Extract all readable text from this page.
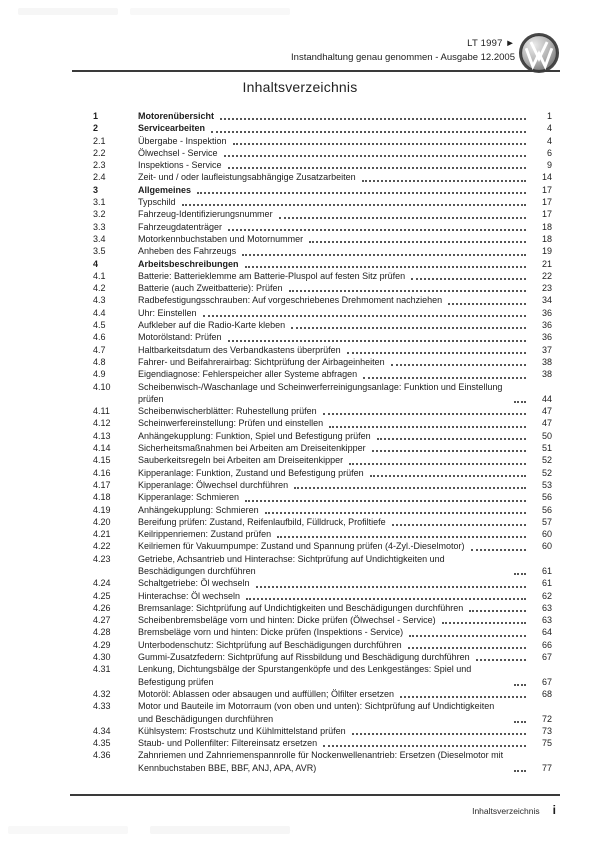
LT 1997 ►
Instandhaltung genau genommen - Ausgabe 12.2005
Inhaltsverzeichnis
1	Motorenübersicht	1
2	Servicearbeiten	4
2.1	Übergabe - Inspektion	4
2.2	Ölwechsel - Service	6
2.3	Inspektions - Service	9
2.4	Zeit- und / oder laufleistungsabhängige Zusatzarbeiten	14
3	Allgemeines	17
3.1	Typschild	17
3.2	Fahrzeug-Identifizierungsnummer	17
3.3	Fahrzeugdatenträger	18
3.4	Motorkennbuchstaben und Motornummer	18
3.5	Anheben des Fahrzeugs	19
4	Arbeitsbeschreibungen	21
4.1	Batterie: Batterieklemme am Batterie-Pluspol auf festen Sitz prüfen	22
4.2	Batterie (auch Zweitbatterie): Prüfen	23
4.3	Radbefestigungsschrauben: Auf vorgeschriebenes Drehmoment nachziehen	34
4.4	Uhr: Einstellen	36
4.5	Aufkleber auf die Radio-Karte kleben	36
4.6	Motorölstand: Prüfen	36
4.7	Haltbarkeitsdatum des Verbandkastens überprüfen	37
4.8	Fahrer- und Beifahrerairbag: Sichtprüfung der Airbageinheiten	38
4.9	Eigendiagnose: Fehlerspeicher aller Systeme abfragen	38
4.10	Scheibenwisch-/Waschanlage und Scheinwerferreinigungsanlage: Funktion und Einstellung prüfen	44
4.11	Scheibenwischerblätter: Ruhestellung prüfen	47
4.12	Scheinwerfereinstellung: Prüfen und einstellen	47
4.13	Anhängekupplung: Funktion, Spiel und Befestigung prüfen	50
4.14	Sicherheitsmaßnahmen bei Arbeiten am Dreiseitenkipper	51
4.15	Sauberkeitsregeln bei Arbeiten am Dreiseitenkipper	52
4.16	Kipperanlage: Funktion, Zustand und Befestigung prüfen	52
4.17	Kipperanlage: Ölwechsel durchführen	53
4.18	Kipperanlage: Schmieren	56
4.19	Anhängekupplung: Schmieren	56
4.20	Bereifung prüfen: Zustand, Reifenlaufbild, Fülldruck, Profiltiefe	57
4.21	Keilrippenriemen: Zustand prüfen	60
4.22	Keilriemen für Vakuumpumpe: Zustand und Spannung prüfen (4-Zyl.-Dieselmotor)	60
4.23	Getriebe, Achsantrieb und Hinterachse: Sichtprüfung auf Undichtigkeiten und Beschädigungen durchführen	61
4.24	Schaltgetriebe: Öl wechseln	61
4.25	Hinterachse: Öl wechseln	62
4.26	Bremsanlage: Sichtprüfung auf Undichtigkeiten und Beschädigungen durchführen	63
4.27	Scheibenbremsbeläge vorn und hinten: Dicke prüfen (Ölwechsel - Service)	63
4.28	Bremsbeläge vorn und hinten: Dicke prüfen (Inspektions - Service)	64
4.29	Unterbodenschutz: Sichtprüfung auf Beschädigungen durchführen	66
4.30	Gummi-Zusatzfedern: Sichtprüfung auf Rissbildung und Beschädigung durchführen	67
4.31	Lenkung, Dichtungsbälge der Spurstangenköpfe und des Lenkgestänges: Spiel und Befestigung prüfen	67
4.32	Motoröl: Ablassen oder absaugen und auffüllen; Ölfilter ersetzen	68
4.33	Motor und Bauteile im Motorraum (von oben und unten): Sichtprüfung auf Undichtigkeiten und Beschädigungen durchführen	72
4.34	Kühlsystem: Frostschutz und Kühlmittelstand prüfen	73
4.35	Staub- und Pollenfilter: Filtereinsatz ersetzen	75
4.36	Zahnriemen und Zahnriemenspannrolle für Nockenwellenantrieb: Ersetzen (Dieselmotor mit Kennbuchstaben BBE, BBF, ANJ, APA, AVR)	77
Inhaltsverzeichnis i
